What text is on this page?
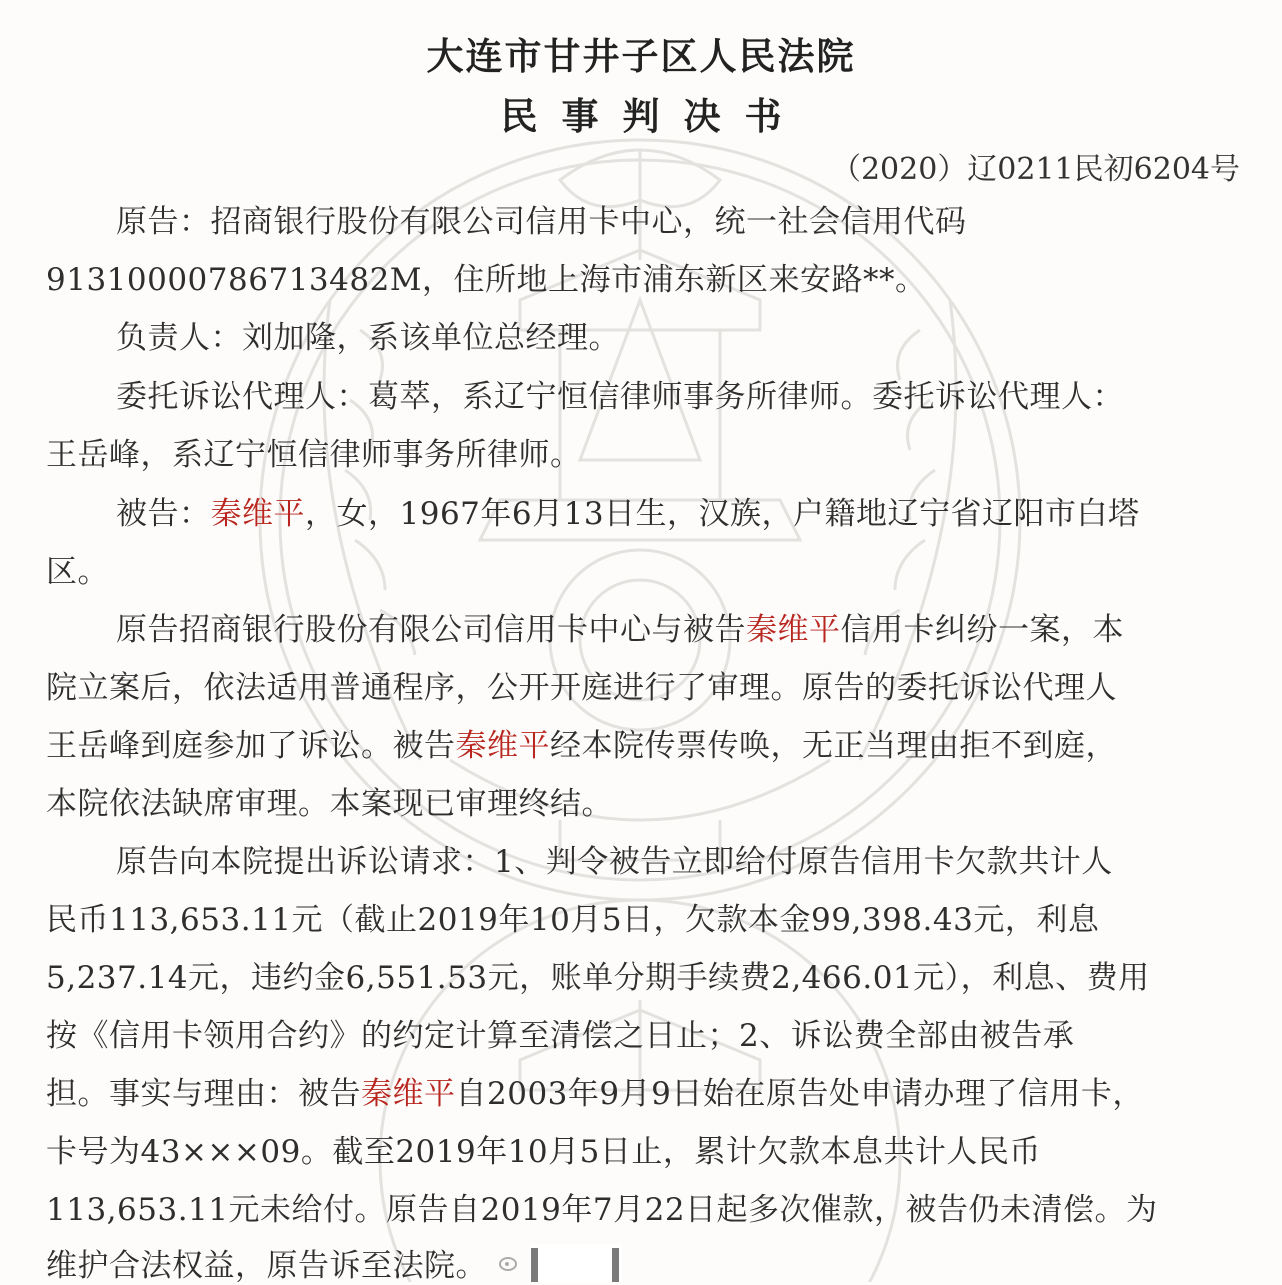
大连市甘井子区人民法院
民事判决书
（2020）辽0211民初6204号
原告：招商银行股份有限公司信用卡中心，统一社会信用代码
91310000786713482M，住所地上海市浦东新区来安路**。
负责人：刘加隆，系该单位总经理。
委托诉讼代理人：葛萃，系辽宁恒信律师事务所律师。委托诉讼代理人：
王岳峰，系辽宁恒信律师事务所律师。
被告：秦维平，女，1967年6月13日生，汉族，户籍地辽宁省辽阳市白塔
区。
原告招商银行股份有限公司信用卡中心与被告秦维平信用卡纠纷一案，本
院立案后，依法适用普通程序，公开开庭进行了审理。原告的委托诉讼代理人
王岳峰到庭参加了诉讼。被告秦维平经本院传票传唤，无正当理由拒不到庭，
本院依法缺席审理。本案现已审理终结。
原告向本院提出诉讼请求：1、判令被告立即给付原告信用卡欠款共计人
民币113,653.11元（截止2019年10月5日，欠款本金99,398.43元，利息
5,237.14元，违约金6,551.53元，账单分期手续费2,466.01元），利息、费用
按《信用卡领用合约》的约定计算至清偿之日止；2、诉讼费全部由被告承
担。事实与理由：被告秦维平自2003年9月9日始在原告处申请办理了信用卡，
卡号为43×××09。截至2019年10月5日止，累计欠款本息共计人民币
113,653.11元未给付。原告自2019年7月22日起多次催款，被告仍未清偿。为
维护合法权益，原告诉至法院。
